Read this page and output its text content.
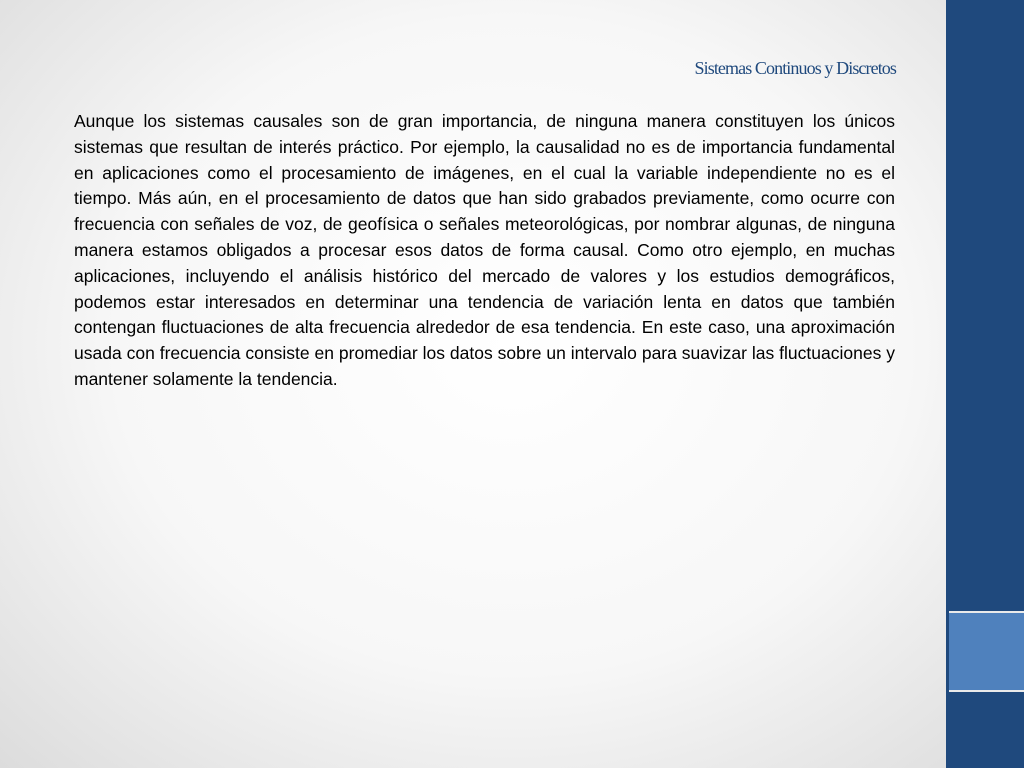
Sistemas Continuos y Discretos

Aunque los sistemas causales son de gran importancia, de ninguna manera constituyen los únicos sistemas que resultan de interés práctico. Por ejemplo, la causalidad no es de importancia fundamental en aplicaciones como el procesamiento de imágenes, en el cual la variable independiente no es el tiempo. Más aún, en el procesamiento de datos que han sido grabados previamente, como ocurre con frecuencia con señales de voz, de geofísica o señales meteorológicas, por nombrar algunas, de ninguna manera estamos obligados a procesar esos datos de forma causal. Como otro ejemplo, en muchas aplicaciones, incluyendo el análisis histórico del mercado de valores y los estudios demográficos, podemos estar interesados en determinar una tendencia de variación lenta en datos que también contengan fluctuaciones de alta frecuencia alrededor de esa tendencia. En este caso, una aproximación usada con frecuencia consiste en promediar los datos sobre un intervalo para suavizar las fluctuaciones y mantener solamente la tendencia.
